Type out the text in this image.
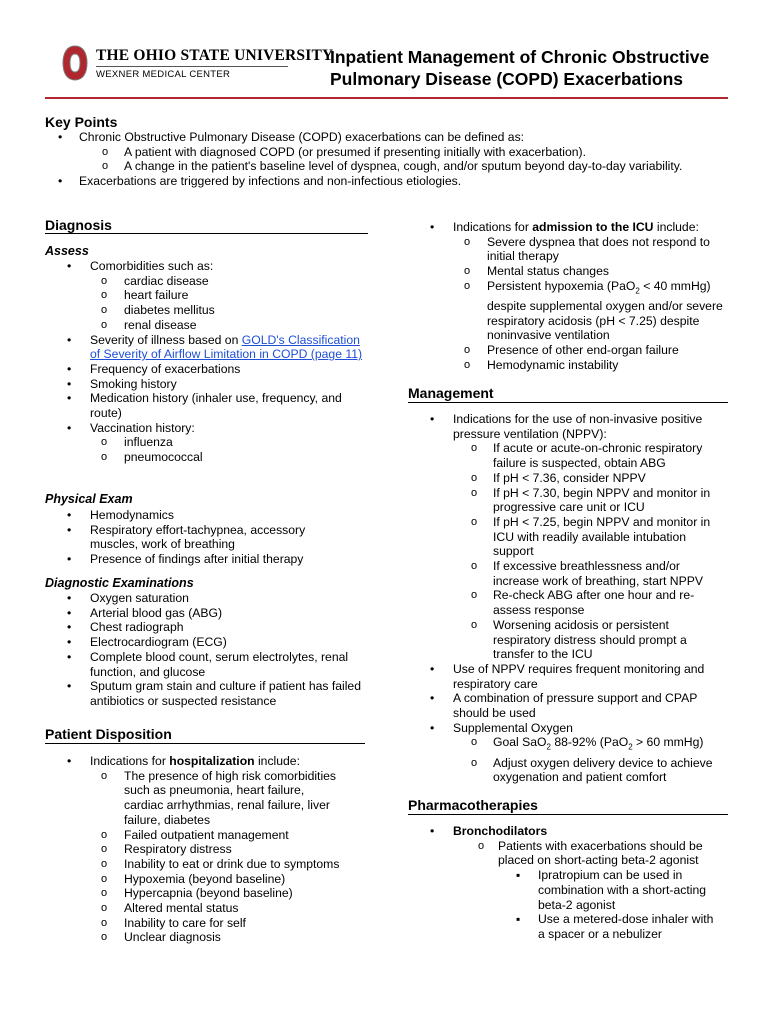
THE OHIO STATE UNIVERSITY
WEXNER MEDICAL CENTER
Inpatient Management of Chronic Obstructive
Pulmonary Disease (COPD) Exacerbations
Key Points
• Chronic Obstructive Pulmonary Disease (COPD) exacerbations can be defined as:
o A patient with diagnosed COPD (or presumed if presenting initially with exacerbation).
o A change in the patient's baseline level of dyspnea, cough, and/or sputum beyond day-to-day variability.
• Exacerbations are triggered by infections and non-infectious etiologies.
Diagnosis
Assess
• Comorbidities such as:
o cardiac disease
o heart failure
o diabetes mellitus
o renal disease
• Severity of illness based on GOLD's Classification of Severity of Airflow Limitation in COPD (page 11)
• Frequency of exacerbations
• Smoking history
• Medication history (inhaler use, frequency, and route)
• Vaccination history:
o influenza
o pneumococcal
Physical Exam
• Hemodynamics
• Respiratory effort-tachypnea, accessory muscles, work of breathing
• Presence of findings after initial therapy
Diagnostic Examinations
• Oxygen saturation
• Arterial blood gas (ABG)
• Chest radiograph
• Electrocardiogram (ECG)
• Complete blood count, serum electrolytes, renal function, and glucose
• Sputum gram stain and culture if patient has failed antibiotics or suspected resistance
Patient Disposition
• Indications for hospitalization include:
o The presence of high risk comorbidities such as pneumonia, heart failure, cardiac arrhythmias, renal failure, liver failure, diabetes
o Failed outpatient management
o Respiratory distress
o Inability to eat or drink due to symptoms
o Hypoxemia (beyond baseline)
o Hypercapnia (beyond baseline)
o Altered mental status
o Inability to care for self
o Unclear diagnosis
• Indications for admission to the ICU include:
o Severe dyspnea that does not respond to initial therapy
o Mental status changes
o Persistent hypoxemia (PaO$_2$ < 40 mmHg) despite supplemental oxygen and/or severe respiratory acidosis (pH < 7.25) despite noninvasive ventilation
o Presence of other end-organ failure
o Hemodynamic instability
Management
• Indications for the use of non-invasive positive pressure ventilation (NPPV):
o If acute or acute-on-chronic respiratory failure is suspected, obtain ABG
o If pH < 7.36, consider NPPV
o If pH < 7.30, begin NPPV and monitor in progressive care unit or ICU
o If pH < 7.25, begin NPPV and monitor in ICU with readily available intubation support
o If excessive breathlessness and/or increase work of breathing, start NPPV
o Re-check ABG after one hour and re-assess response
o Worsening acidosis or persistent respiratory distress should prompt a transfer to the ICU
• Use of NPPV requires frequent monitoring and respiratory care
• A combination of pressure support and CPAP should be used
• Supplemental Oxygen
o Goal SaO$_2$ 88-92% (PaO$_2$ > 60 mmHg)
o Adjust oxygen delivery device to achieve oxygenation and patient comfort
Pharmacotherapies
• Bronchodilators
o Patients with exacerbations should be placed on short-acting beta-2 agonist
▪ Ipratropium can be used in combination with a short-acting beta-2 agonist
▪ Use a metered-dose inhaler with a spacer or a nebulizer
